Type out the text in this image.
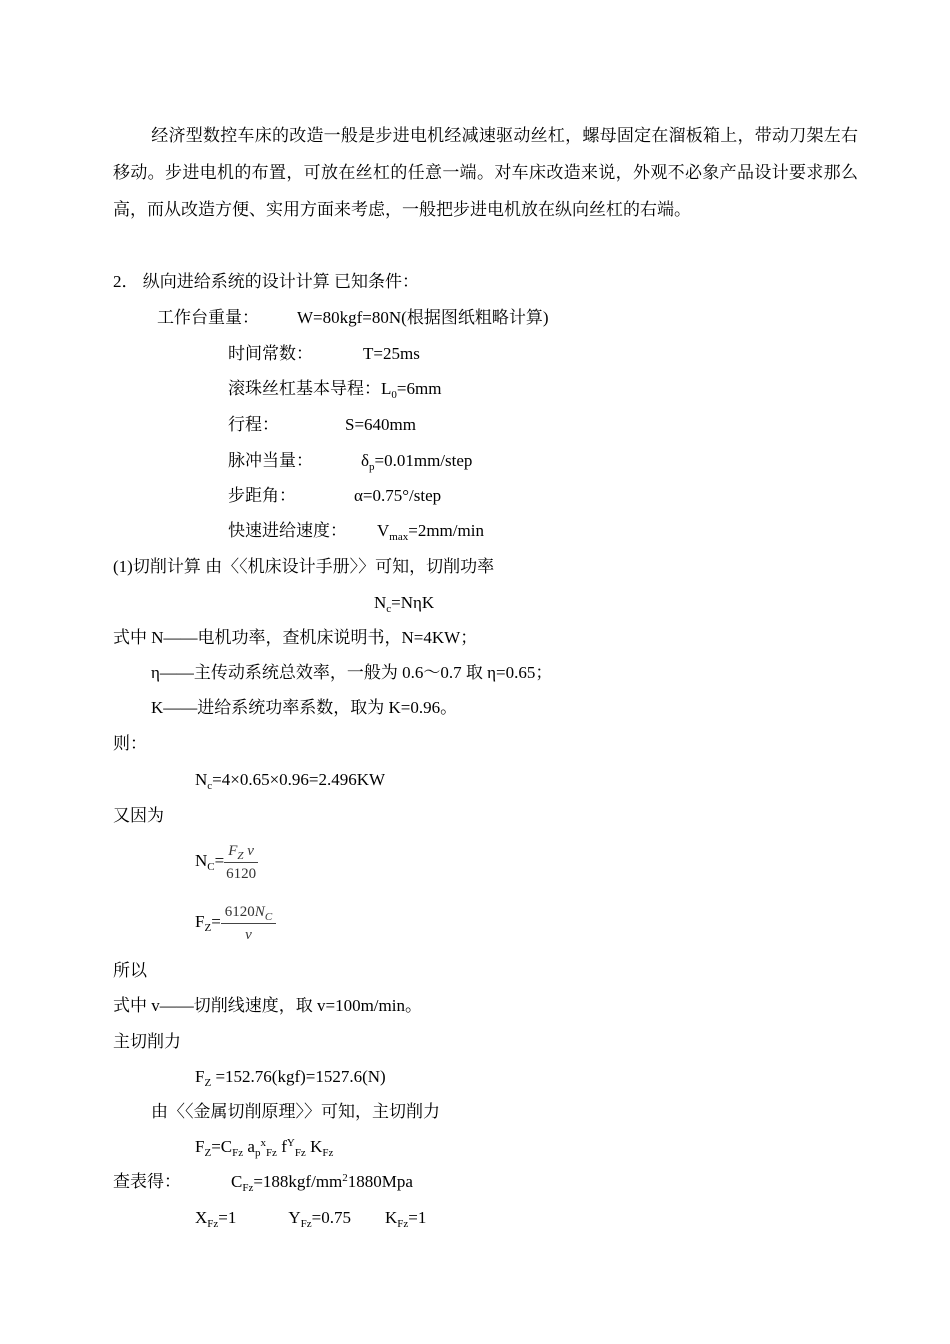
经济型数控车床的改造一般是步进电机经减速驱动丝杠，螺母固定在溜板箱上，带动刀架左右移动。步进电机的布置，可放在丝杠的任意一端。对车床改造来说，外观不必象产品设计要求那么高，而从改造方便、实用方面来考虑，一般把步进电机放在纵向丝杠的右端。
2． 纵向进给系统的设计计算 已知条件：
工作台重量： W=80kgf=80N(根据图纸粗略计算)
时间常数：	T=25ms
滚珠丝杠基本导程：$L_0=6mm$
行程：	S=640mm
脉冲当量：	$\delta_p=0.01mm$/step
步距角：	α=0.75°/step
快速进给速度： $V_{max}=2mm/\min$
(1)切削计算 由〈〈机床设计手册〉〉可知，切削功率
$N_c=N\eta K$
式中 N——电机功率，查机床说明书，N=4KW；
η——主传动系统总效率，一般为 0.6～0.7 取 η=0.65；
K——进给系统功率系数，取为 K=0.96。
则：
$N_c=4\times 0.65\times 0.96=2.496KW$
又因为
$N_C= \frac{F_Z v}{6120}$
$F_Z= \frac{6120N_C}{v}$
所以
式中 v——切削线速度，取 v=100m/min。
主切削力
$F_Z =152.76(kgf)=1527.6(N)$
由〈〈金属切削原理〉〉可知，主切削力
$F_Z=C_{Fz}$ $a_p^x_{Fz}$ $f^Y_{Fz}$ $K_{Fz}$
查表得：	$C_{Fz}=188kgf/mm^21880Mpa$
$X_{Fz}=1$	$Y_{Fz}=0.75$ $K_{Fz}=1$
